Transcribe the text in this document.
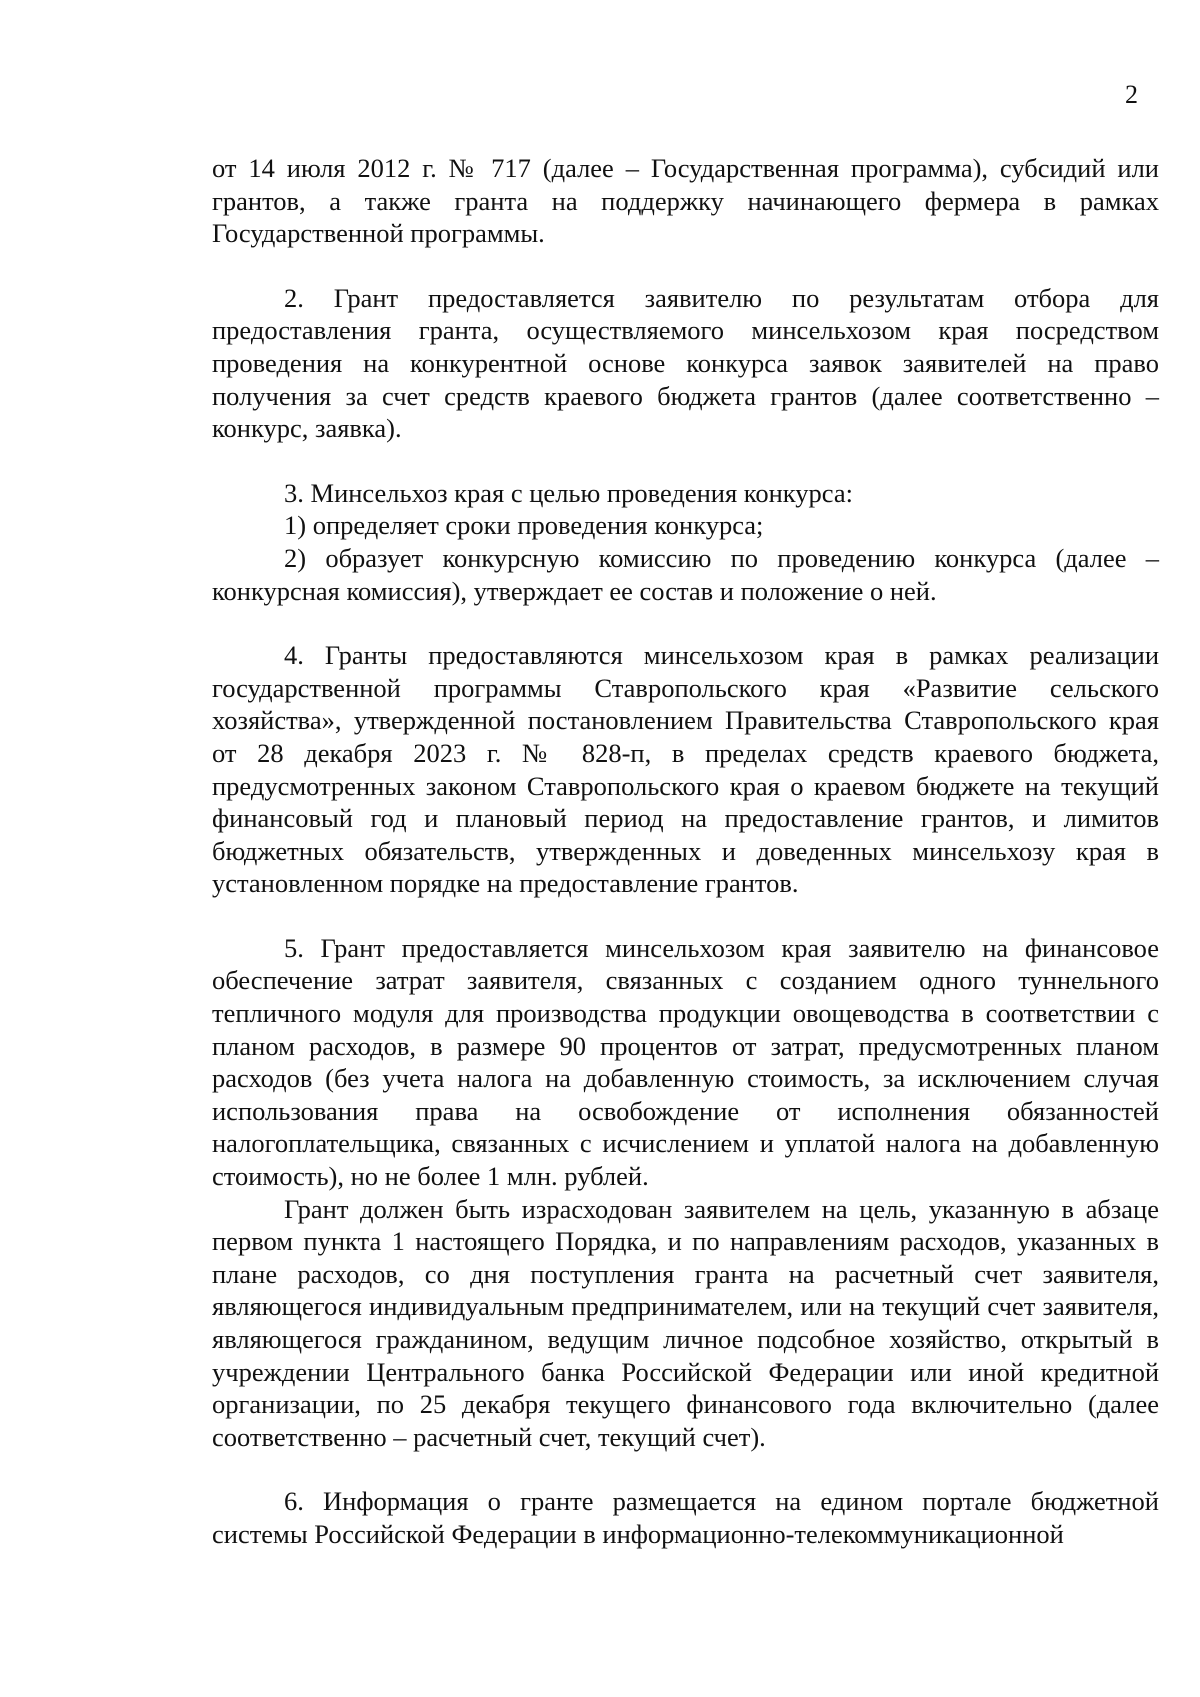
2

от 14 июля 2012 г. № 717 (далее – Государственная программа), субсидий или грантов, а также гранта на поддержку начинающего фермера в рамках Государственной программы.

2. Грант предоставляется заявителю по результатам отбора для предоставления гранта, осуществляемого минсельхозом края посредством проведения на конкурентной основе конкурса заявок заявителей на право получения за счет средств краевого бюджета грантов (далее соответственно – конкурс, заявка).

3. Минсельхоз края с целью проведения конкурса:

1) определяет сроки проведения конкурса;

2) образует конкурсную комиссию по проведению конкурса (далее – конкурсная комиссия), утверждает ее состав и положение о ней.

4. Гранты предоставляются минсельхозом края в рамках реализации государственной программы Ставропольского края «Развитие сельского хозяйства», утвержденной постановлением Правительства Ставропольского края от 28 декабря 2023 г. № 828-п, в пределах средств краевого бюджета, предусмотренных законом Ставропольского края о краевом бюджете на текущий финансовый год и плановый период на предоставление грантов, и лимитов бюджетных обязательств, утвержденных и доведенных минсельхозу края в установленном порядке на предоставление грантов.

5. Грант предоставляется минсельхозом края заявителю на финансовое обеспечение затрат заявителя, связанных с созданием одного туннельного тепличного модуля для производства продукции овощеводства в соответствии с планом расходов, в размере 90 процентов от затрат, предусмотренных планом расходов (без учета налога на добавленную стоимость, за исключением случая использования права на освобождение от исполнения обязанностей налогоплательщика, связанных с исчислением и уплатой налога на добавленную стоимость), но не более 1 млн. рублей.

Грант должен быть израсходован заявителем на цель, указанную в абзаце первом пункта 1 настоящего Порядка, и по направлениям расходов, указанных в плане расходов, со дня поступления гранта на расчетный счет заявителя, являющегося индивидуальным предпринимателем, или на текущий счет заявителя, являющегося гражданином, ведущим личное подсобное хозяйство, открытый в учреждении Центрального банка Российской Федерации или иной кредитной организации, по 25 декабря текущего финансового года включительно (далее соответственно – расчетный счет, текущий счет).

6. Информация о гранте размещается на едином портале бюджетной системы Российской Федерации в информационно-телекоммуникационной
